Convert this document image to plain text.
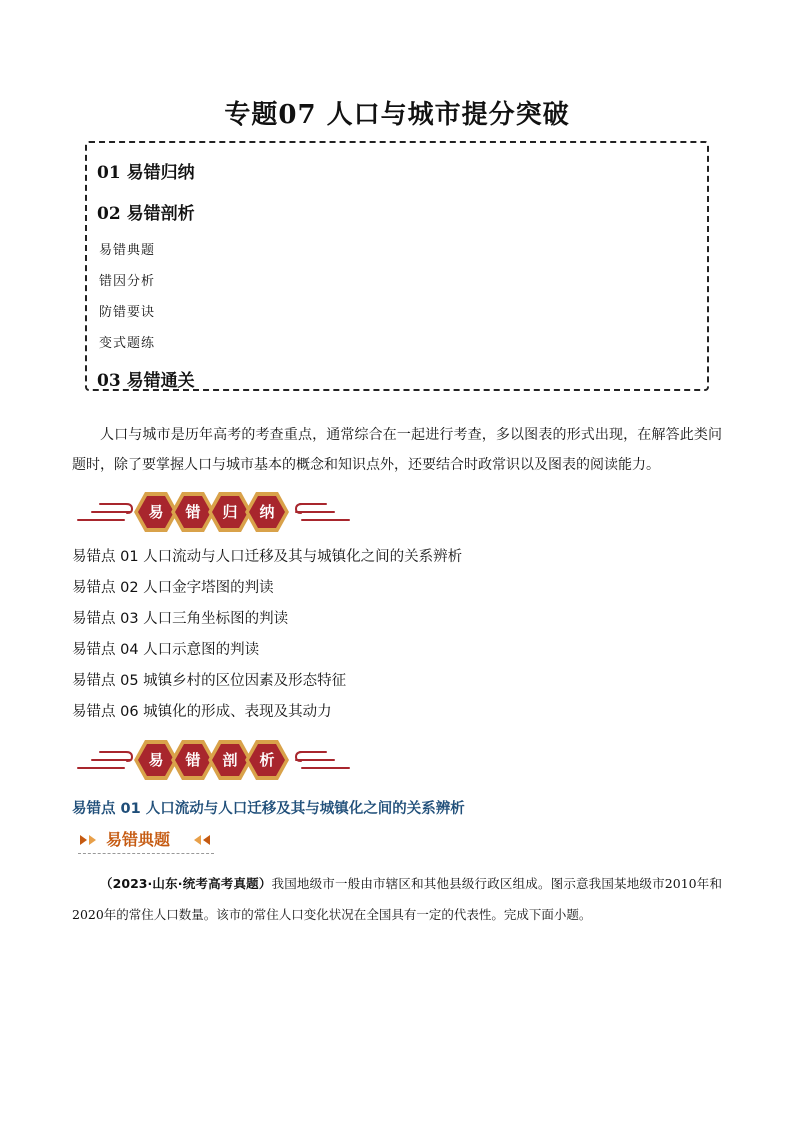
专题07 人口与城市提分突破
01 易错归纳
02 易错剖析
易错典题
错因分析
防错要诀
变式题练
03 易错通关
人口与城市是历年高考的考查重点，通常综合在一起进行考查，多以图表的形式出现，在解答此类问题时，除了要掌握人口与城市基本的概念和知识点外，还要结合时政常识以及图表的阅读能力。
易 错 归 纳
易错点 01 人口流动与人口迁移及其与城镇化之间的关系辨析
易错点 02 人口金字塔图的判读
易错点 03 人口三角坐标图的判读
易错点 04 人口示意图的判读
易错点 05 城镇乡村的区位因素及形态特征
易错点 06 城镇化的形成、表现及其动力
易 错 剖 析
易错点 01 人口流动与人口迁移及其与城镇化之间的关系辨析
易错典题
（2023·山东·统考高考真题）我国地级市一般由市辖区和其他县级行政区组成。图示意我国某地级市2010年和2020年的常住人口数量。该市的常住人口变化状况在全国具有一定的代表性。完成下面小题。
